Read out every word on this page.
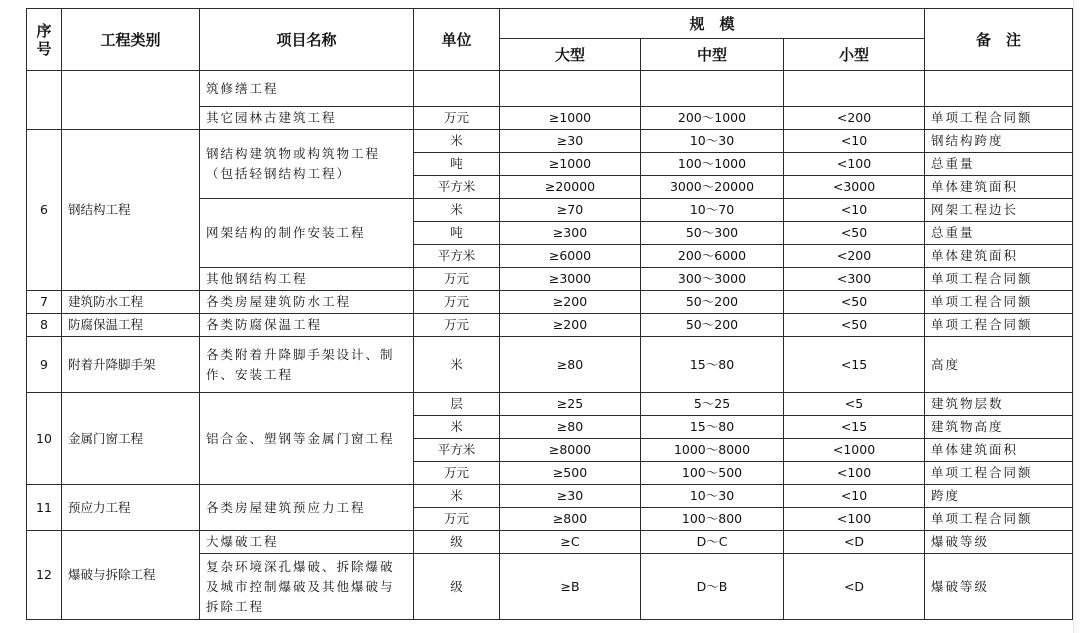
序
号	工程类别	项目名称	单位	规　模			备　注
				大型	中型	小型	
		筑修缮工程					
		其它园林古建筑工程	万元	≥1000	200～1000	<200	单项工程合同额
6	钢结构工程	钢结构建筑物或构筑物工程（包括轻钢结构工程）	米	≥30	10～30	<10	钢结构跨度
			吨	≥1000	100～1000	<100	总重量
			平方米	≥20000	3000～20000	<3000	单体建筑面积
		网架结构的制作安装工程	米	≥70	10～70	<10	网架工程边长
			吨	≥300	50～300	<50	总重量
			平方米	≥6000	200～6000	<200	单体建筑面积
		其他钢结构工程	万元	≥3000	300～3000	<300	单项工程合同额
7	建筑防水工程	各类房屋建筑防水工程	万元	≥200	50～200	<50	单项工程合同额
8	防腐保温工程	各类防腐保温工程	万元	≥200	50～200	<50	单项工程合同额
9	附着升降脚手架	各类附着升降脚手架设计、制作、安装工程	米	≥80	15～80	<15	高度
10	金属门窗工程	铝合金、塑钢等金属门窗工程	层	≥25	5～25	<5	建筑物层数
			米	≥80	15～80	<15	建筑物高度
			平方米	≥8000	1000～8000	<1000	单体建筑面积
			万元	≥500	100～500	<100	单项工程合同额
11	预应力工程	各类房屋建筑预应力工程	米	≥30	10～30	<10	跨度
			万元	≥800	100～800	<100	单项工程合同额
12	爆破与拆除工程	大爆破工程	级	≥C	D～C	<D	爆破等级
		复杂环境深孔爆破、拆除爆破及城市控制爆破及其他爆破与拆除工程	级	≥B	D～B	<D	爆破等级
